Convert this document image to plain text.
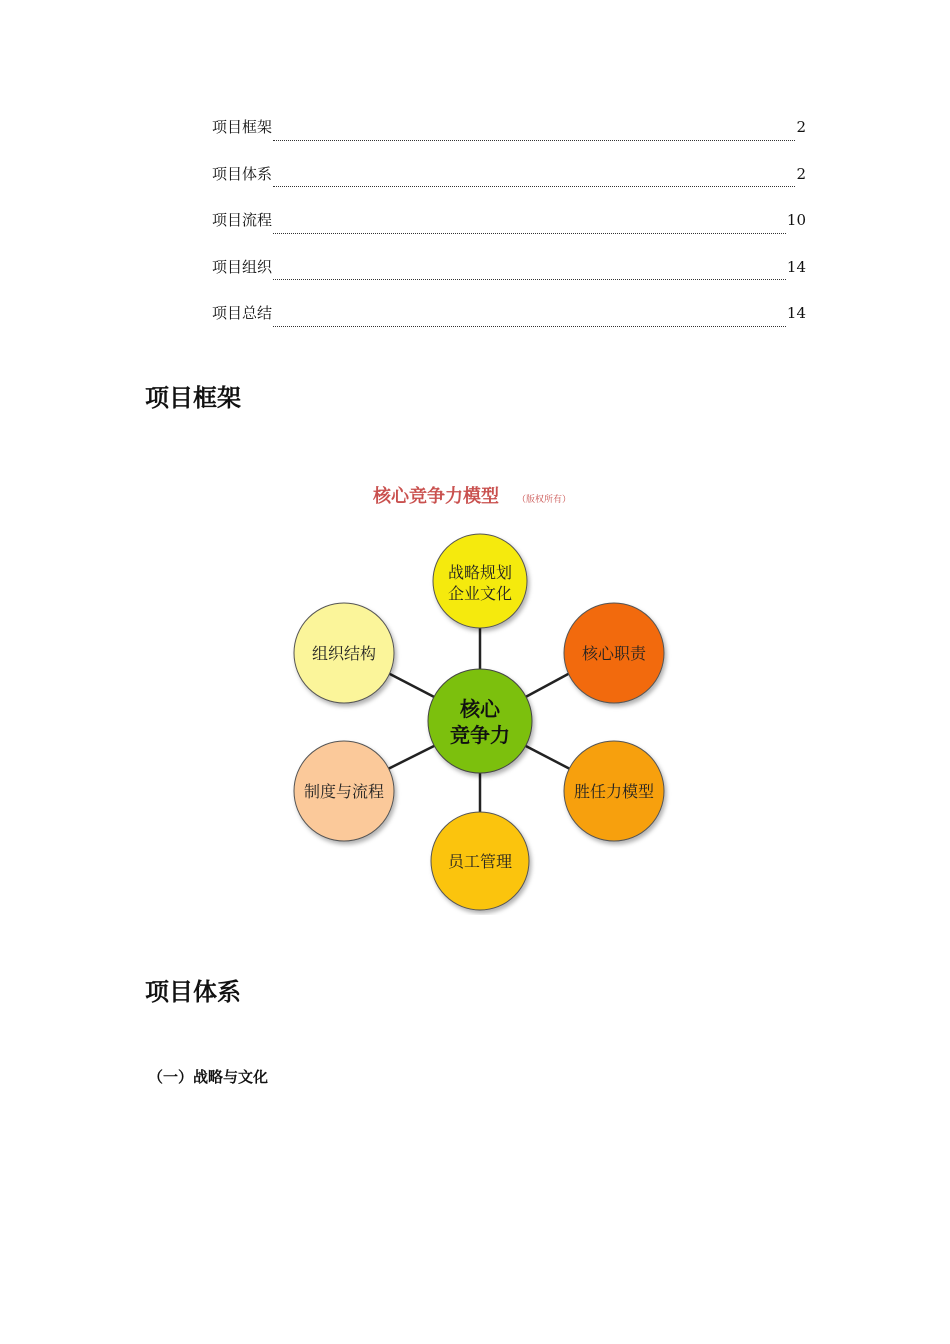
项目框架	2
项目体系	2
项目流程	10
项目组织	14
项目总结	14
项目框架
核心竞争力模型 （版权所有）
战略规划
企业文化
核心职责
胜任力模型
员工管理
制度与流程
组织结构
核心
竞争力
项目体系
（一）战略与文化
